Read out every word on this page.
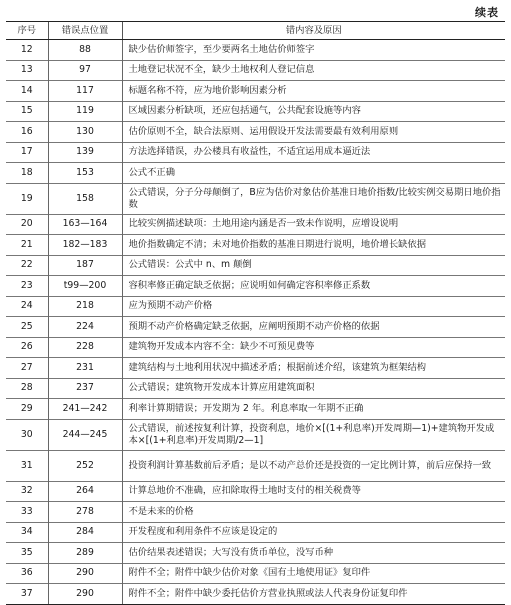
续表
序号	错误点位置	错内容及原因
12	88	缺少估价师签字，至少要两名土地估价师签字
13	97	土地登记状况不全，缺少土地权利人登记信息
14	117	标题名称不符，应为地价影响因素分析
15	119	区域因素分析缺项，还应包括通气，公共配套设施等内容
16	130	估价原则不全，缺合法原则、运用假设开发法需要最有效利用原则
17	139	方法选择错误，办公楼具有收益性，不适宜运用成本逼近法
18	153	公式不正确
19	158	公式错误，分子分母颠倒了，B应为估价对象估价基准日地价指数/比较实例交易期日地价指数
20	163—164	比较实例描述缺项：土地用途内涵是否一致未作说明，应增设说明
21	182—183	地价指数确定不清；未对地价指数的基准日期进行说明，地价增长缺依据
22	187	公式错误：公式中 n、m 颠倒
23	t99—200	容积率修正确定缺乏依据；应说明如何确定容积率修正系数
24	218	应为预期不动产价格
25	224	预期不动产价格确定缺乏依据，应阐明预期不动产价格的依据
26	228	建筑物开发成本内容不全：缺少不可预见费等
27	231	建筑结构与土地利用状况中描述矛盾；根据前述介绍，该建筑为框架结构
28	237	公式错误；建筑物开发成本计算应用建筑面积
29	241—242	利率计算期错误；开发期为 2 年。利息率取一年期不正确
30	244—245	公式错误，前述按复利计算，投资利息，地价×[(1+利息率)开发周期—1)+建筑物开发成本×[(1+利息率)开发周期/2—1]
31	252	投资利润计算基数前后矛盾；是以不动产总价还是投资的一定比例计算，前后应保持一致
32	264	计算总地价不准确，应扣除取得土地时支付的相关税费等
33	278	不是未来的价格
34	284	开发程度和利用条件不应该是设定的
35	289	估价结果表述错误；大写没有货币单位，没写币种
36	290	附件不全；附件中缺少估价对象《国有土地使用证》复印件
37	290	附件不全；附件中缺少委托估价方营业执照或法人代表身份证复印件
